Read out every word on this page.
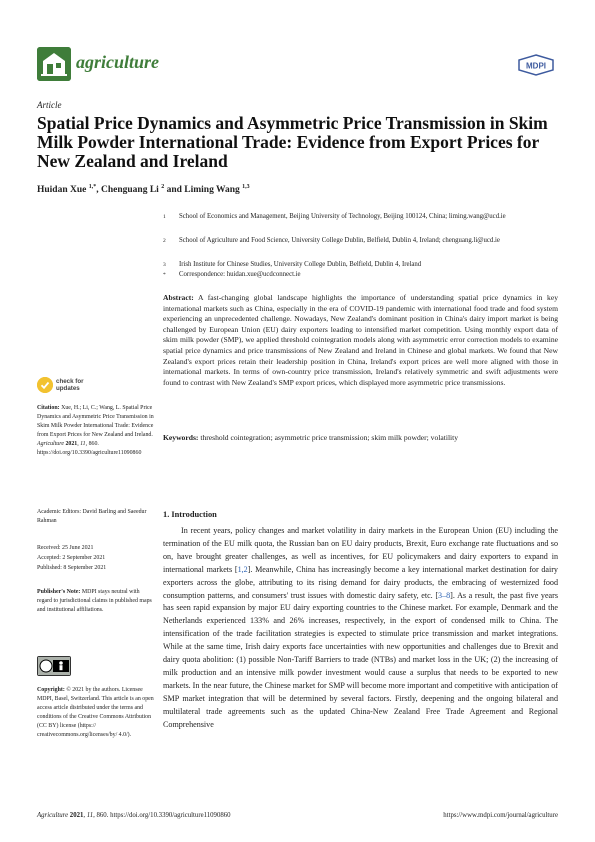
agriculture	MDPI
Article
Spatial Price Dynamics and Asymmetric Price Transmission in Skim Milk Powder International Trade: Evidence from Export Prices for New Zealand and Ireland
Huidan Xue $^{1,*}$, Chenguang Li $^2$ and Liming Wang $^{1,3}$
1 School of Economics and Management, Beijing University of Technology, Beijing 100124, China; liming.wang@ucd.ie
2 School of Agriculture and Food Science, University College Dublin, Belfield, Dublin 4, Ireland; chenguang.li@ucd.ie
3 Irish Institute for Chinese Studies, University College Dublin, Belfield, Dublin 4, Ireland
* Correspondence: huidan.xue@ucdconnect.ie
Abstract: A fast-changing global landscape highlights the importance of understanding spatial price dynamics in key international markets such as China, especially in the era of COVID-19 pandemic with international food trade and food system experiencing an unprecedented challenge. Nowadays, New Zealand's dominant position in China's dairy import market is being challenged by European Union (EU) dairy exporters leading to intensified market competition. Using monthly export data of skim milk powder (SMP), we applied threshold cointegration models along with asymmetric error correction models to examine spatial price dynamics and price transmissions of New Zealand and Ireland in Chinese and global markets. We found that New Zealand's export prices retain their leadership position in China, Ireland's export prices are well more aligned with those in international markets. In terms of own-country price transmission, Ireland's relatively symmetric and swift adjustments were found to contrast with New Zealand's SMP export prices, which displayed more asymmetric price transmissions.
Keywords: threshold cointegration; asymmetric price transmission; skim milk powder; volatility
check for updates
Citation: Xue, H.; Li, C.; Wang, L. Spatial Price Dynamics and Asymmetric Price Transmission in Skim Milk Powder International Trade: Evidence from Export Prices for New Zealand and Ireland. Agriculture 2021, 11, 860. https://doi.org/10.3390/agriculture11090860
Academic Editors: David Barling and Saeedur Rahman
Received: 25 June 2021
Accepted: 2 September 2021
Published: 8 September 2021
Publisher's Note: MDPI stays neutral with regard to jurisdictional claims in published maps and institutional affiliations.
Copyright: © 2021 by the authors. Licensee MDPI, Basel, Switzerland. This article is an open access article distributed under the terms and conditions of the Creative Commons Attribution (CC BY) license (https:// creativecommons.org/licenses/by/ 4.0/).
1. Introduction
In recent years, policy changes and market volatility in dairy markets in the European Union (EU) including the termination of the EU milk quota, the Russian ban on EU dairy products, Brexit, Euro exchange rate fluctuations and so on, have brought greater challenges, as well as incentives, for EU policymakers and dairy exporters to expand in international markets [1,2]. Meanwhile, China has increasingly become a key international market destination for dairy exporters across the globe, attributing to its rising demand for dairy products, the embracing of westernized food consumption patterns, and consumers' trust issues with domestic dairy safety, etc. [3–8]. As a result, the past five years has seen rapid expansion by major EU dairy exporting countries to the Chinese market. For example, Denmark and the Netherlands experienced 133% and 26% increases, respectively, in the export of condensed milk to China. The intensification of the trade facilitation strategies is expected to stimulate price transmission and market integrations. While at the same time, Irish dairy exports face uncertainties with new opportunities and challenges due to Brexit and dairy quota abolition: (1) possible Non-Tariff Barriers to trade (NTBs) and market loss in the UK; (2) the increasing of milk production and an intensive milk powder investment would cause a surplus that needs to be exported to new markets. In the near future, the Chinese market for SMP will become more important and competitive with anticipation of SMP market integration that will be determined by several factors. Firstly, deepening and the ongoing bilateral and multilateral trade agreements such as the updated China-New Zealand Free Trade Agreement and Regional Comprehensive
Agriculture 2021, 11, 860. https://doi.org/10.3390/agriculture11090860	https://www.mdpi.com/journal/agriculture
